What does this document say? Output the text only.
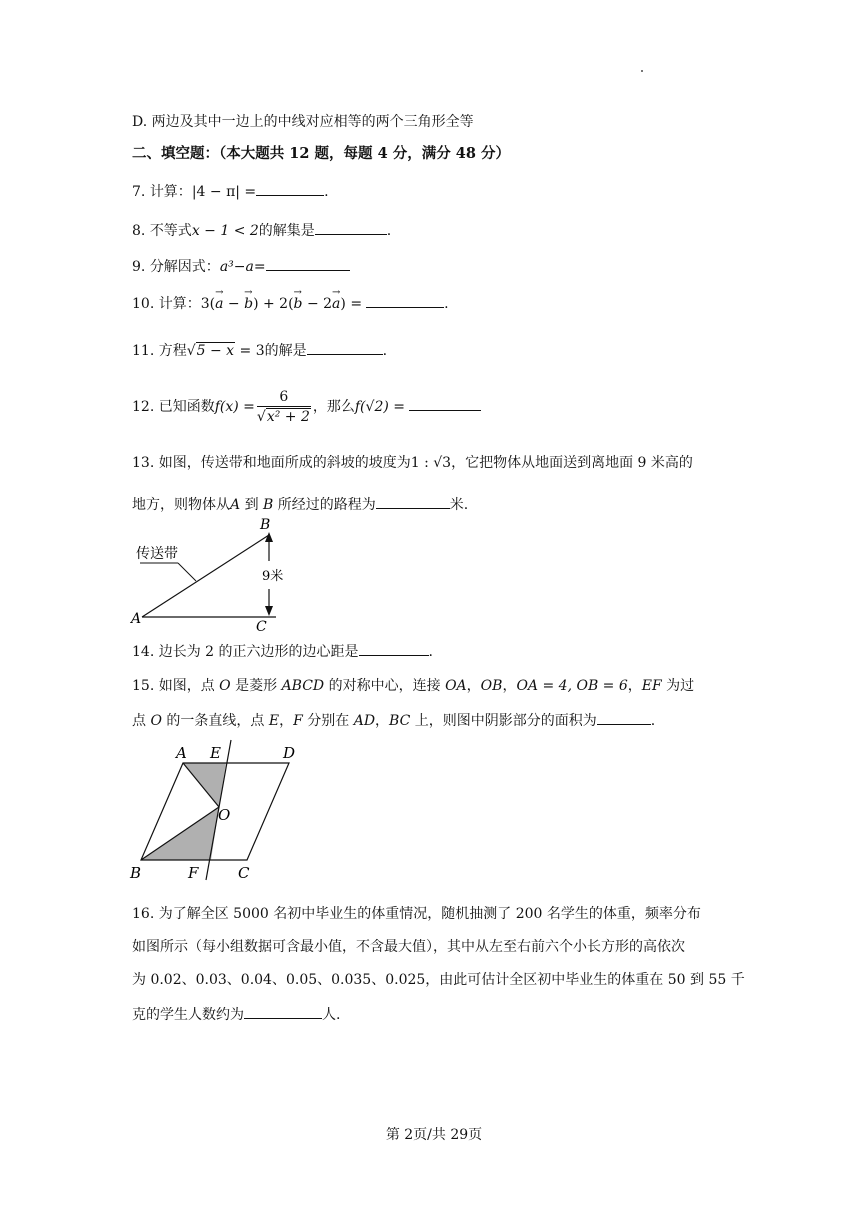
D. 两边及其中一边上的中线对应相等的两个三角形全等
二、填空题：（本大题共 12 题，每题 4 分，满分 48 分）
7. 计算：|4 − π| =	.
8. 不等式x − 1 < 2的解集是	.
9. 分解因式：a³−a=
10. 计算：3(→ a − → b) + 2(→ b − 2→ a) =	.
11. 方程√5 − x = 3的解是	.
12. 已知函数$f(x) = \frac{6}{\text{√x² + 2}}$ ，那么f(√2) =
13. 如图，传送带和地面所成的斜坡的坡度为1 : √3，它把物体从地面送到离地面 9 米高的
地方，则物体从A 到 B 所经过的路程为	米.
B
A	C
传送带
9米
14. 边长为 2 的正六边形的边心距是	.
15. 如图，点 O 是菱形 ABCD 的对称中心，连接 OA，OB，OA = 4, OB = 6，EF 为过
点 O 的一条直线，点 E，F 分别在 AD，BC 上，则图中阴影部分的面积为	.
A E	D
O
B	F	C
16. 为了解全区 5000 名初中毕业生的体重情况，随机抽测了 200 名学生的体重，频率分布
如图所示（每小组数据可含最小值，不含最大值），其中从左至右前六个小长方形的高依次
为 0.02、0.03、0.04、0.05、0.035、0.025，由此可估计全区初中毕业生的体重在 50 到 55 千
克的学生人数约为	人.
第 2页/共 29页
